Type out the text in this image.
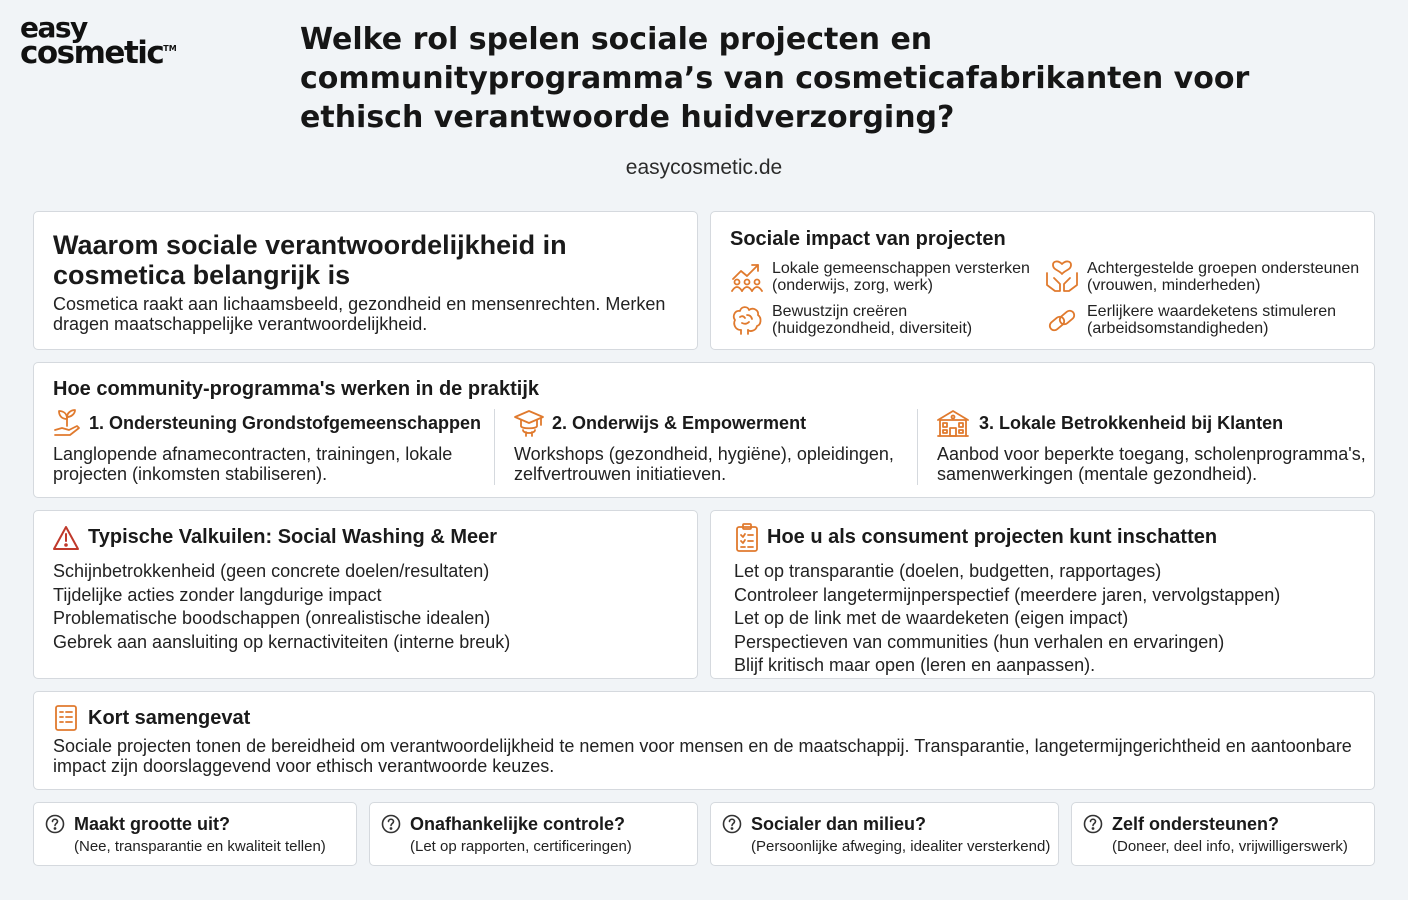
easy
cosmetic™	Welke rol spelen sociale projecten en communityprogramma’s van cosmeticafabrikanten voor ethisch verantwoorde huidverzorging?
easycosmetic.de
Waarom sociale verantwoordelijkheid in cosmetica belangrijk is

Cosmetica raakt aan lichaamsbeeld, gezondheid en mensenrechten. Merken dragen maatschappelijke verantwoordelijkheid.

Sociale impact van projecten
Lokale gemeenschappen versterken
(onderwijs, zorg, werk)
Achtergestelde groepen ondersteunen
(vrouwen, minderheden)
Bewustzijn creëren
(huidgezondheid, diversiteit)
Eerlijkere waardeketens stimuleren
(arbeidsomstandigheden)
Hoe community-programma's werken in de praktijk
1. Ondersteuning Grondstofgemeenschappen
Langlopende afnamecontracten, trainingen, lokale projecten (inkomsten stabiliseren).
2. Onderwijs & Empowerment
Workshops (gezondheid, hygiëne), opleidingen, zelfvertrouwen initiatieven.
3. Lokale Betrokkenheid bij Klanten
Aanbod voor beperkte toegang, scholenprogramma's, samenwerkingen (mentale gezondheid).
Typische Valkuilen: Social Washing & Meer
Schijnbetrokkenheid (geen concrete doelen/resultaten)
Tijdelijke acties zonder langdurige impact
Problematische boodschappen (onrealistische idealen)
Gebrek aan aansluiting op kernactiviteiten (interne breuk)
Hoe u als consument projecten kunt inschatten
Let op transparantie (doelen, budgetten, rapportages)
Controleer langetermijnperspectief (meerdere jaren, vervolgstappen)
Let op de link met de waardeketen (eigen impact)
Perspectieven van communities (hun verhalen en ervaringen)
Blijf kritisch maar open (leren en aanpassen).
Kort samengevat

Sociale projecten tonen de bereidheid om verantwoordelijkheid te nemen voor mensen en de maatschappij. Transparantie, langetermijngerichtheid en aantoonbare impact zijn doorslaggevend voor ethisch verantwoorde keuzes.

Maakt grootte uit?
(Nee, transparantie en kwaliteit tellen)
Onafhankelijke controle?
(Let op rapporten, certificeringen)
Socialer dan milieu?
(Persoonlijke afweging, idealiter versterkend)
Zelf ondersteunen?
(Doneer, deel info, vrijwilligerswerk)
